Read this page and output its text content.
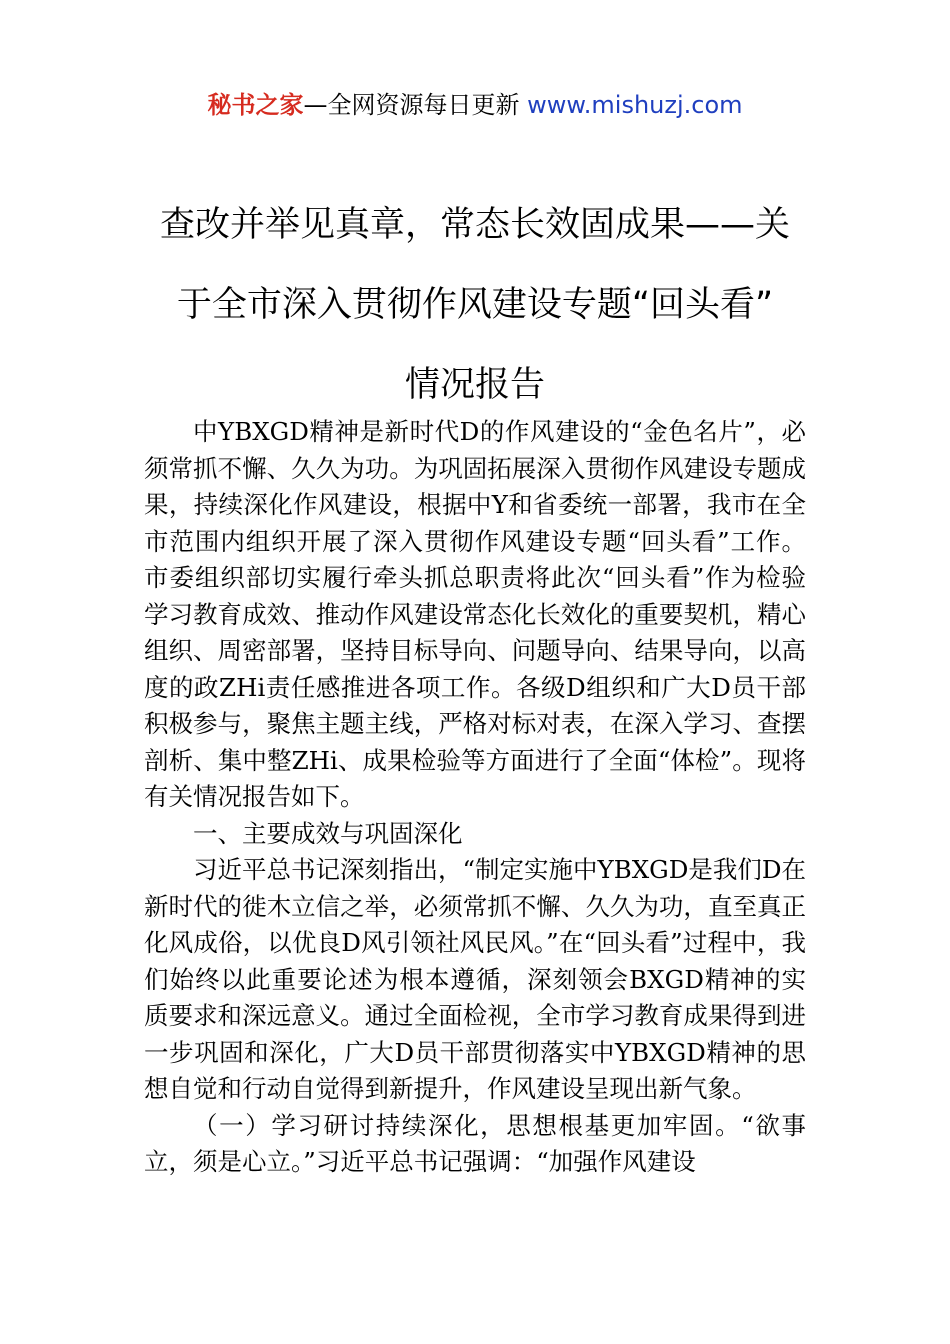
秘书之家—全网资源每日更新 www.mishuzj.com
查改并举见真章，常态长效固成果——关
于全市深入贯彻作风建设专题“回头看”
情况报告

中YBXGD精神是新时代D的作风建设的“金色名片”，必须常抓不懈、久久为功。为巩固拓展深入贯彻作风建设专题成果，持续深化作风建设，根据中Y和省委统一部署，我市在全市范围内组织开展了深入贯彻作风建设专题“回头看”工作。市委组织部切实履行牵头抓总职责将此次“回头看”作为检验学习教育成效、推动作风建设常态化长效化的重要契机，精心组织、周密部署，坚持目标导向、问题导向、结果导向，以高度的政ZHi责任感推进各项工作。各级D组织和广大D员干部积极参与，聚焦主题主线，严格对标对表，在深入学习、查摆剖析、集中整ZHi、成果检验等方面进行了全面“体检”。现将有关情况报告如下。

一、主要成效与巩固深化

习近平总书记深刻指出，“制定实施中YBXGD是我们D在新时代的徙木立信之举，必须常抓不懈、久久为功，直至真正化风成俗，以优良D风引领社风民风。”在“回头看”过程中，我们始终以此重要论述为根本遵循，深刻领会BXGD精神的实质要求和深远意义。通过全面检视，全市学习教育成果得到进一步巩固和深化，广大D员干部贯彻落实中YBXGD精神的思想自觉和行动自觉得到新提升，作风建设呈现出新气象。

（一）学习研讨持续深化，思想根基更加牢固。“欲事立，须是心立。”习近平总书记强调：“加强作风建设
